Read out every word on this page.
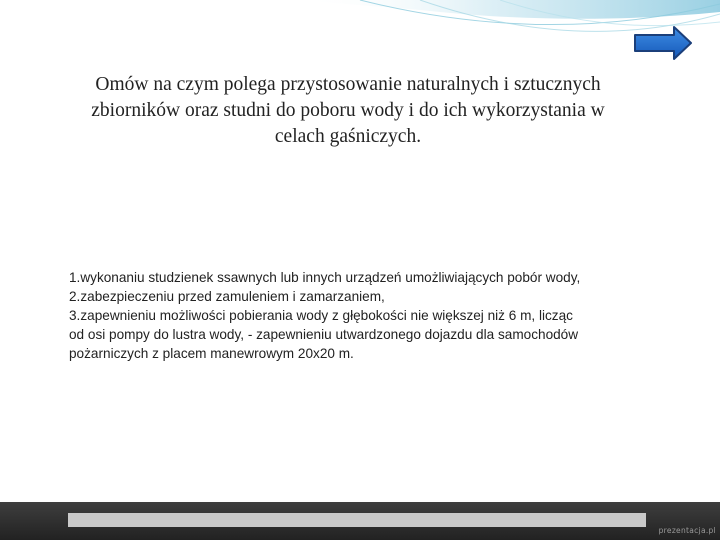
Omów na czym polega przystosowanie naturalnych i sztucznych zbiorników oraz studni do poboru wody i do ich wykorzystania w celach gaśniczych.
1.wykonaniu studzienek ssawnych lub innych urządzeń umożliwiających pobór wody,
2.zabezpieczeniu przed zamuleniem i zamarzaniem,
3.zapewnieniu możliwości pobierania wody z głębokości nie większej niż 6 m, licząc
od osi pompy do lustra wody, - zapewnieniu utwardzonego dojazdu dla samochodów
pożarniczych z placem manewrowym 20x20 m.
prezentacja.pl
